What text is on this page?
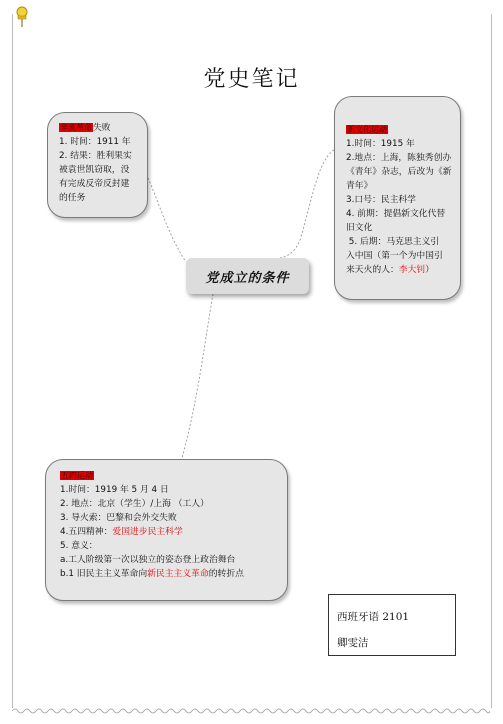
党史笔记
辛亥革命失败
1. 时间：1911 年
2. 结果：胜利果实
被袁世凯窃取，没
有完成反帝反封建
的任务
新文化运动
1.时间：1915 年
2.地点：上海，陈独秀创办
《青年》杂志，后改为《新
青年》
3.口号：民主科学
4. 前期：提倡新文化代替
旧文化
5. 后期：马克思主义引
入中国（第一个为中国引
来天火的人：李大钊）
党成立的条件
五四运动
1.时间：1919 年 5 月 4 日
2. 地点：北京（学生）/上海 （工人）
3. 导火索：巴黎和会外交失败
4.五四精神：爱国进步民主科学
5. 意义：
a.工人阶级第一次以独立的姿态登上政治舞台
b.1 旧民主主义革命向新民主主义革命的转折点
西班牙语 2101
卿雯洁
